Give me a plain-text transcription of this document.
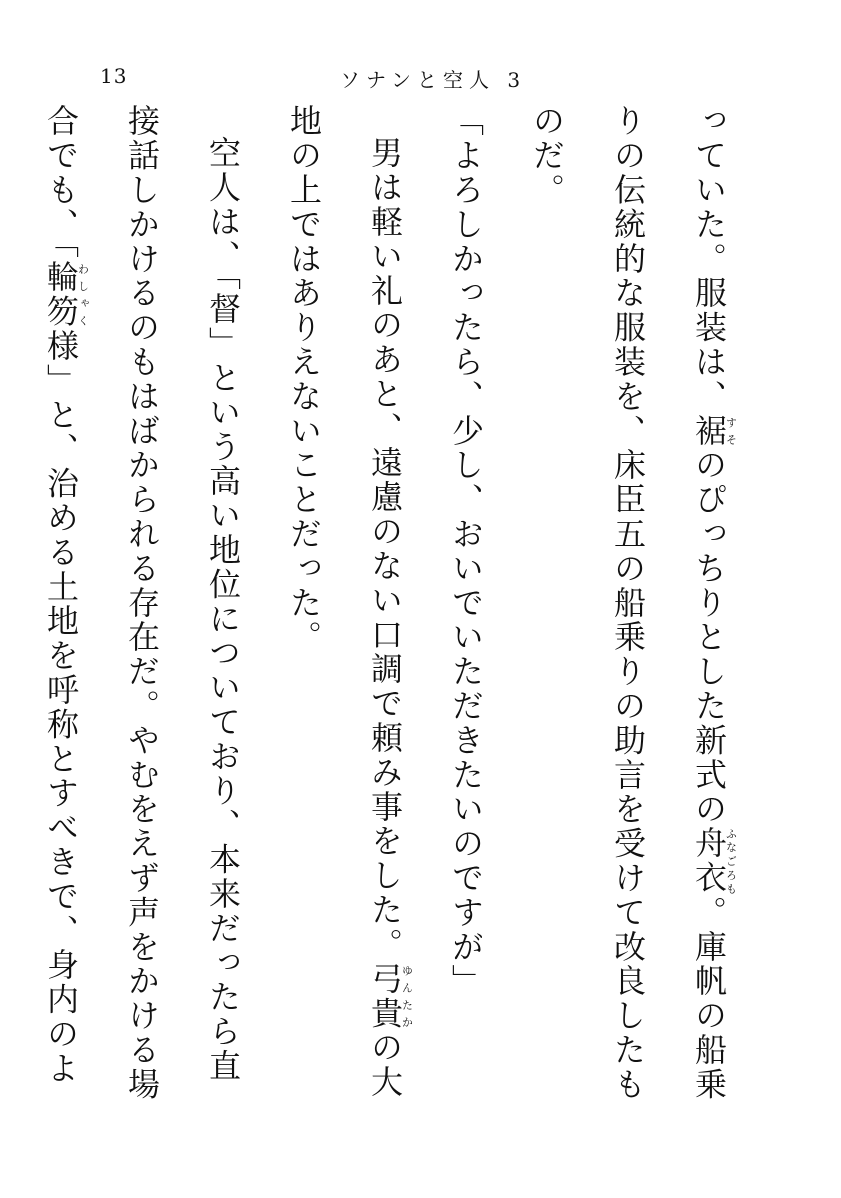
13	ソナンと空人 3

っていた。服装は、裾すそのぴっちりとした新式の舟衣ふなごろも。庫帆の船乗りの伝統的な服装を、床臣五の船乗りの助言を受けて改良したものだ。

「よろしかったら、少し、おいでいただきたいのですが」

男は軽い礼のあと、遠慮のない口調で頼み事をした。弓貴ゆんたかの大地の上ではありえないことだった。

空人は、「督」という高い地位についており、本来だったら直接話しかけるのもはばかられる存在だ。やむをえず声をかける場合でも、「輪笏わしゃく様」と、治める土地を呼称とすべきで、身内のよ
